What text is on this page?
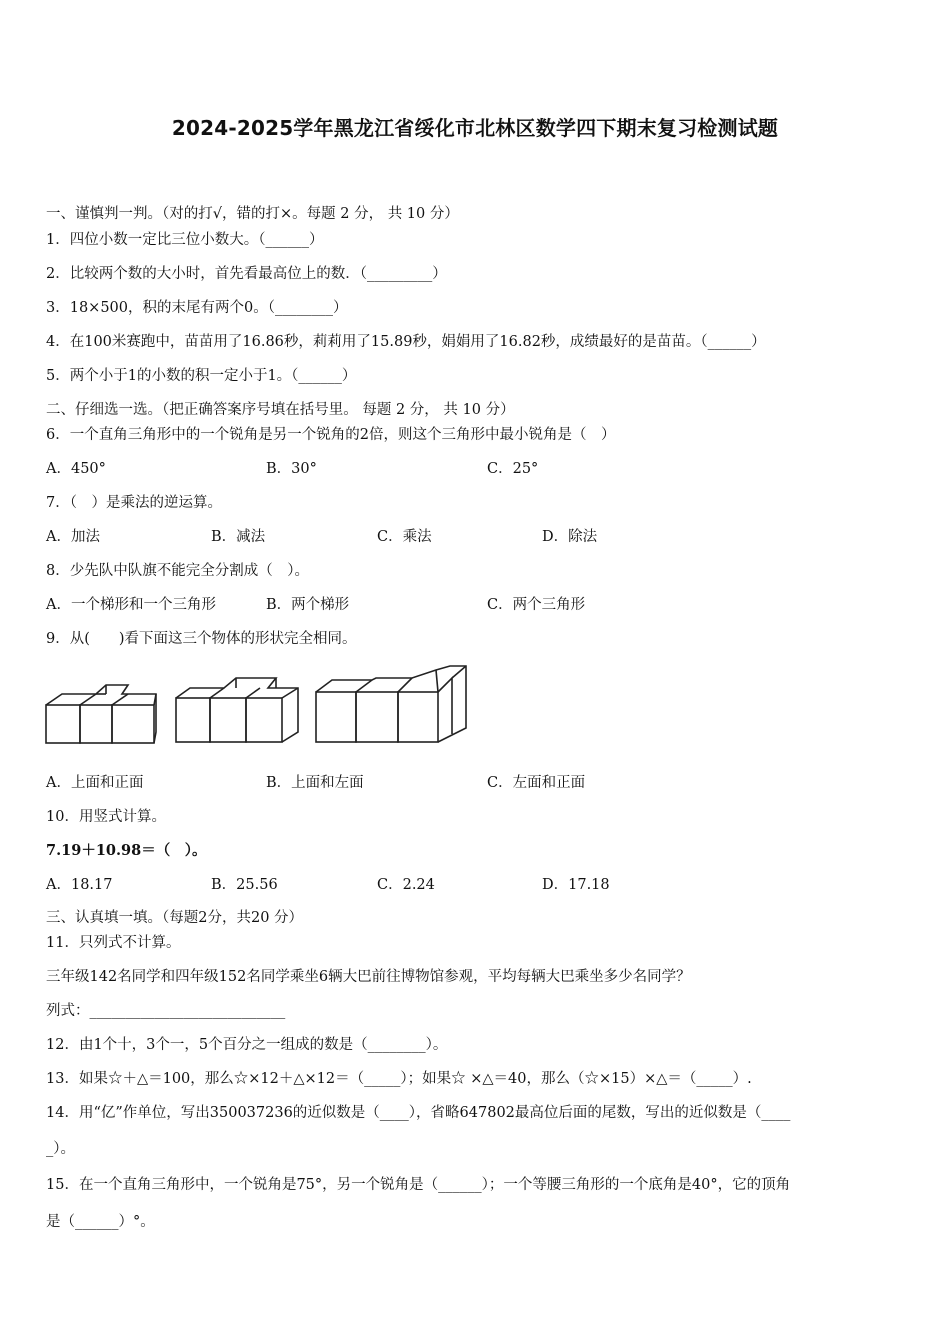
2024-2025学年黑龙江省绥化市北林区数学四下期末复习检测试题
一、谨慎判一判。（对的打√，错的打×。每题 2 分， 共 10 分）
1．四位小数一定比三位小数大。（______）
2．比较两个数的大小时，首先看最高位上的数．（_________）
3．18×500，积的末尾有两个0。（________）
4．在100米赛跑中，苗苗用了16.86秒，莉莉用了15.89秒，娟娟用了16.82秒，成绩最好的是苗苗。（______）
5．两个小于1的小数的积一定小于1。（______）
二、仔细选一选。（把正确答案序号填在括号里。 每题 2 分， 共 10 分）
6．一个直角三角形中的一个锐角是另一个锐角的2倍，则这个三角形中最小锐角是（　）
A．450°	B．30°	C．25°
7．（　）是乘法的逆运算。
A．加法	B．减法	C．乘法	D．除法
8．少先队中队旗不能完全分割成（　）。
A．一个梯形和一个三角形	B．两个梯形	C．两个三角形
9．从(　　)看下面这三个物体的形状完全相同。
A．上面和正面	B．上面和左面	C．左面和正面
10．用竖式计算。
7.19＋10.98＝（　）。
A．18.17	B．25.56	C．2.24	D．17.18
三、认真填一填。（每题2分，共20 分）
11．只列式不计算。
三年级142名同学和四年级152名同学乘坐6辆大巴前往博物馆参观，平均每辆大巴乘坐多少名同学？
列式：___________________________
12．由1个十，3个一，5个百分之一组成的数是（________）。
13．如果☆＋△＝100，那么☆×12＋△×12＝（_____）；如果☆ ×△＝40，那么（☆×15）×△＝（_____）.
14．用“亿”作单位，写出350037236的近似数是（____），省略647802最高位后面的尾数，写出的近似数是（____
_）。
15．在一个直角三角形中，一个锐角是75°，另一个锐角是（______）；一个等腰三角形的一个底角是40°，它的顶角
是（______）°。
